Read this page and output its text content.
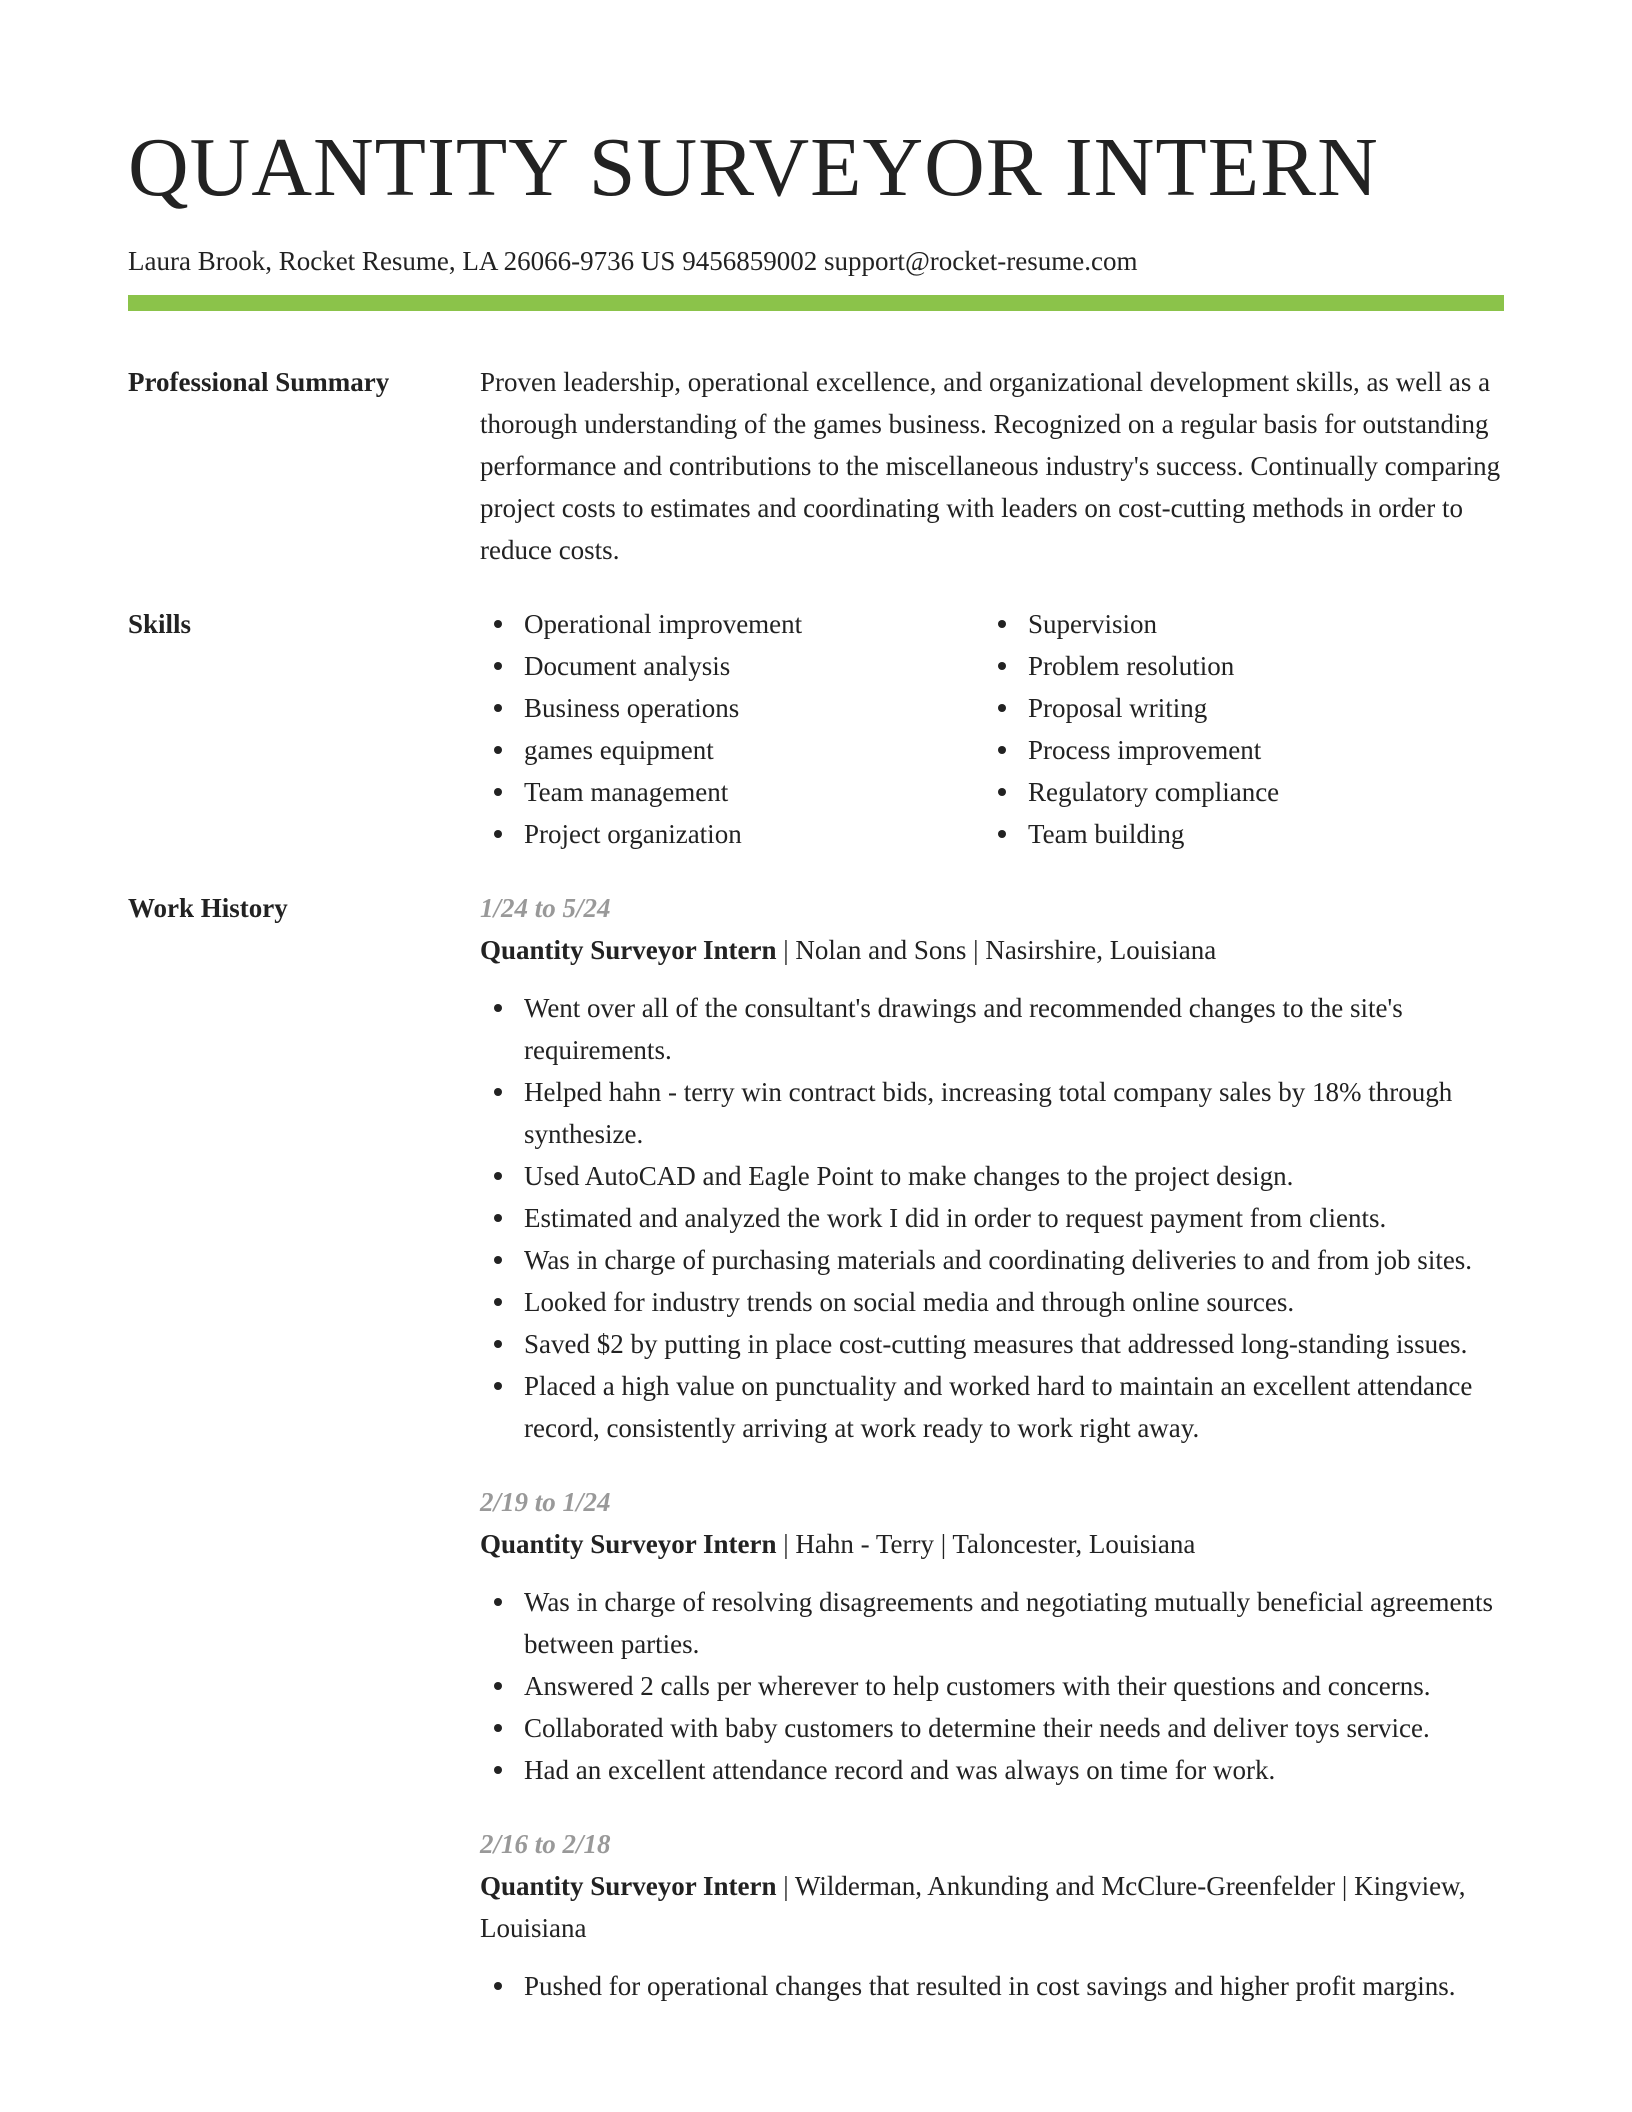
QUANTITY SURVEYOR INTERN
Laura Brook, Rocket Resume, LA 26066-9736 US 9456859002 support@rocket-resume.com
Professional Summary	Proven leadership, operational excellence, and organizational development skills, as well as a thorough understanding of the games business. Recognized on a regular basis for outstanding performance and contributions to the miscellaneous industry's success. Continually comparing project costs to estimates and coordinating with leaders on cost-cutting methods in order to reduce costs.

Skills	Operational improvement
Document analysis
Business operations
games equipment
Team management
Project organization
Supervision
Problem resolution
Proposal writing
Process improvement
Regulatory compliance
Team building
Work History	1/24 to 5/24
Quantity Surveyor Intern | Nolan and Sons | Nasirshire, Louisiana
Went over all of the consultant's drawings and recommended changes to the site's requirements.
Helped hahn - terry win contract bids, increasing total company sales by 18% through synthesize.
Used AutoCAD and Eagle Point to make changes to the project design.
Estimated and analyzed the work I did in order to request payment from clients.
Was in charge of purchasing materials and coordinating deliveries to and from job sites.
Looked for industry trends on social media and through online sources.
Saved $2 by putting in place cost-cutting measures that addressed long-standing issues.
Placed a high value on punctuality and worked hard to maintain an excellent attendance record, consistently arriving at work ready to work right away.
2/19 to 1/24
Quantity Surveyor Intern | Hahn - Terry | Taloncester, Louisiana
Was in charge of resolving disagreements and negotiating mutually beneficial agreements between parties.
Answered 2 calls per wherever to help customers with their questions and concerns.
Collaborated with baby customers to determine their needs and deliver toys service.
Had an excellent attendance record and was always on time for work.
2/16 to 2/18
Quantity Surveyor Intern | Wilderman, Ankunding and McClure-Greenfelder | Kingview, Louisiana
Pushed for operational changes that resulted in cost savings and higher profit margins.
